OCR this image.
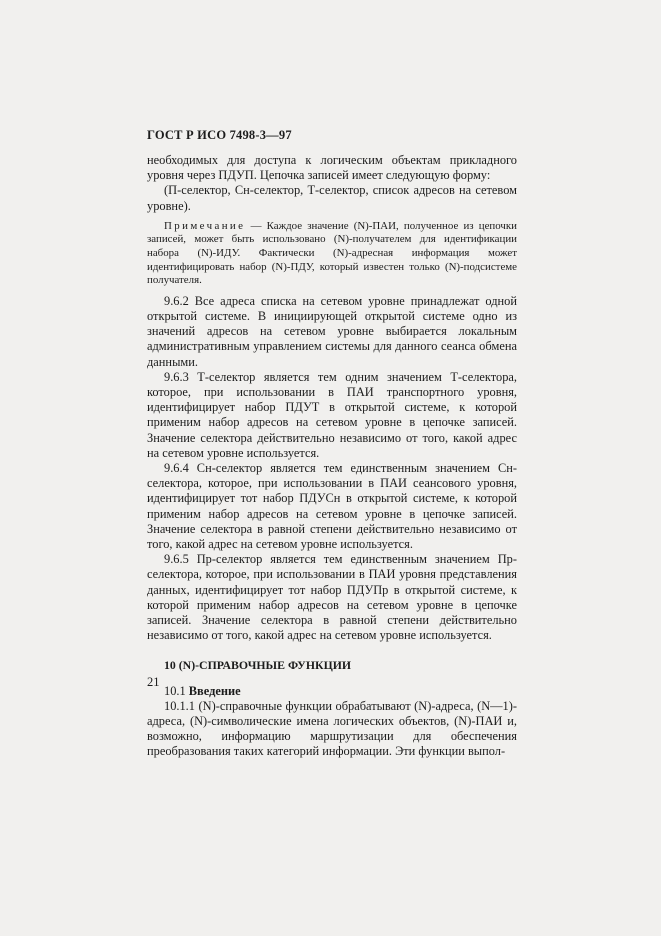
ГОСТ Р ИСО 7498-3—97

необходимых для доступа к логическим объектам прикладного уровня через ПДУП. Цепочка записей имеет следующую форму:

(П-селектор, Сн-селектор, Т-селектор, список адресов на сетевом уровне).

Примечание — Каждое значение (N)-ПАИ, полученное из цепочки записей, может быть использовано (N)-получателем для идентификации набора (N)-ИДУ. Фактически (N)-адресная информация может идентифицировать набор (N)-ПДУ, который известен только (N)-подсистеме получателя.

9.6.2 Все адреса списка на сетевом уровне принадлежат одной открытой системе. В инициирующей открытой системе одно из значений адресов на сетевом уровне выбирается локальным административным управлением системы для данного сеанса обмена данными.

9.6.3 Т-селектор является тем одним значением Т-селектора, которое, при использовании в ПАИ транспортного уровня, идентифицирует набор ПДУТ в открытой системе, к которой применим набор адресов на сетевом уровне в цепочке записей. Значение селектора действительно независимо от того, какой адрес на сетевом уровне используется.

9.6.4 Сн-селектор является тем единственным значением Сн-селектора, которое, при использовании в ПАИ сеансового уровня, идентифицирует тот набор ПДУСн в открытой системе, к которой применим набор адресов на сетевом уровне в цепочке записей. Значение селектора в равной степени действительно независимо от того, какой адрес на сетевом уровне используется.

9.6.5 Пр-селектор является тем единственным значением Пр-селектора, которое, при использовании в ПАИ уровня представления данных, идентифицирует тот набор ПДУПр в открытой системе, к которой применим набор адресов на сетевом уровне в цепочке записей. Значение селектора в равной степени действительно независимо от того, какой адрес на сетевом уровне используется.

10 (N)-СПРАВОЧНЫЕ ФУНКЦИИ

10.1 Введение

10.1.1 (N)-справочные функции обрабатывают (N)-адреса, (N—1)-адреса, (N)-символические имена логических объектов, (N)-ПАИ и, возможно, информацию маршрутизации для обеспечения преобразования таких категорий информации. Эти функции выпол-

21
